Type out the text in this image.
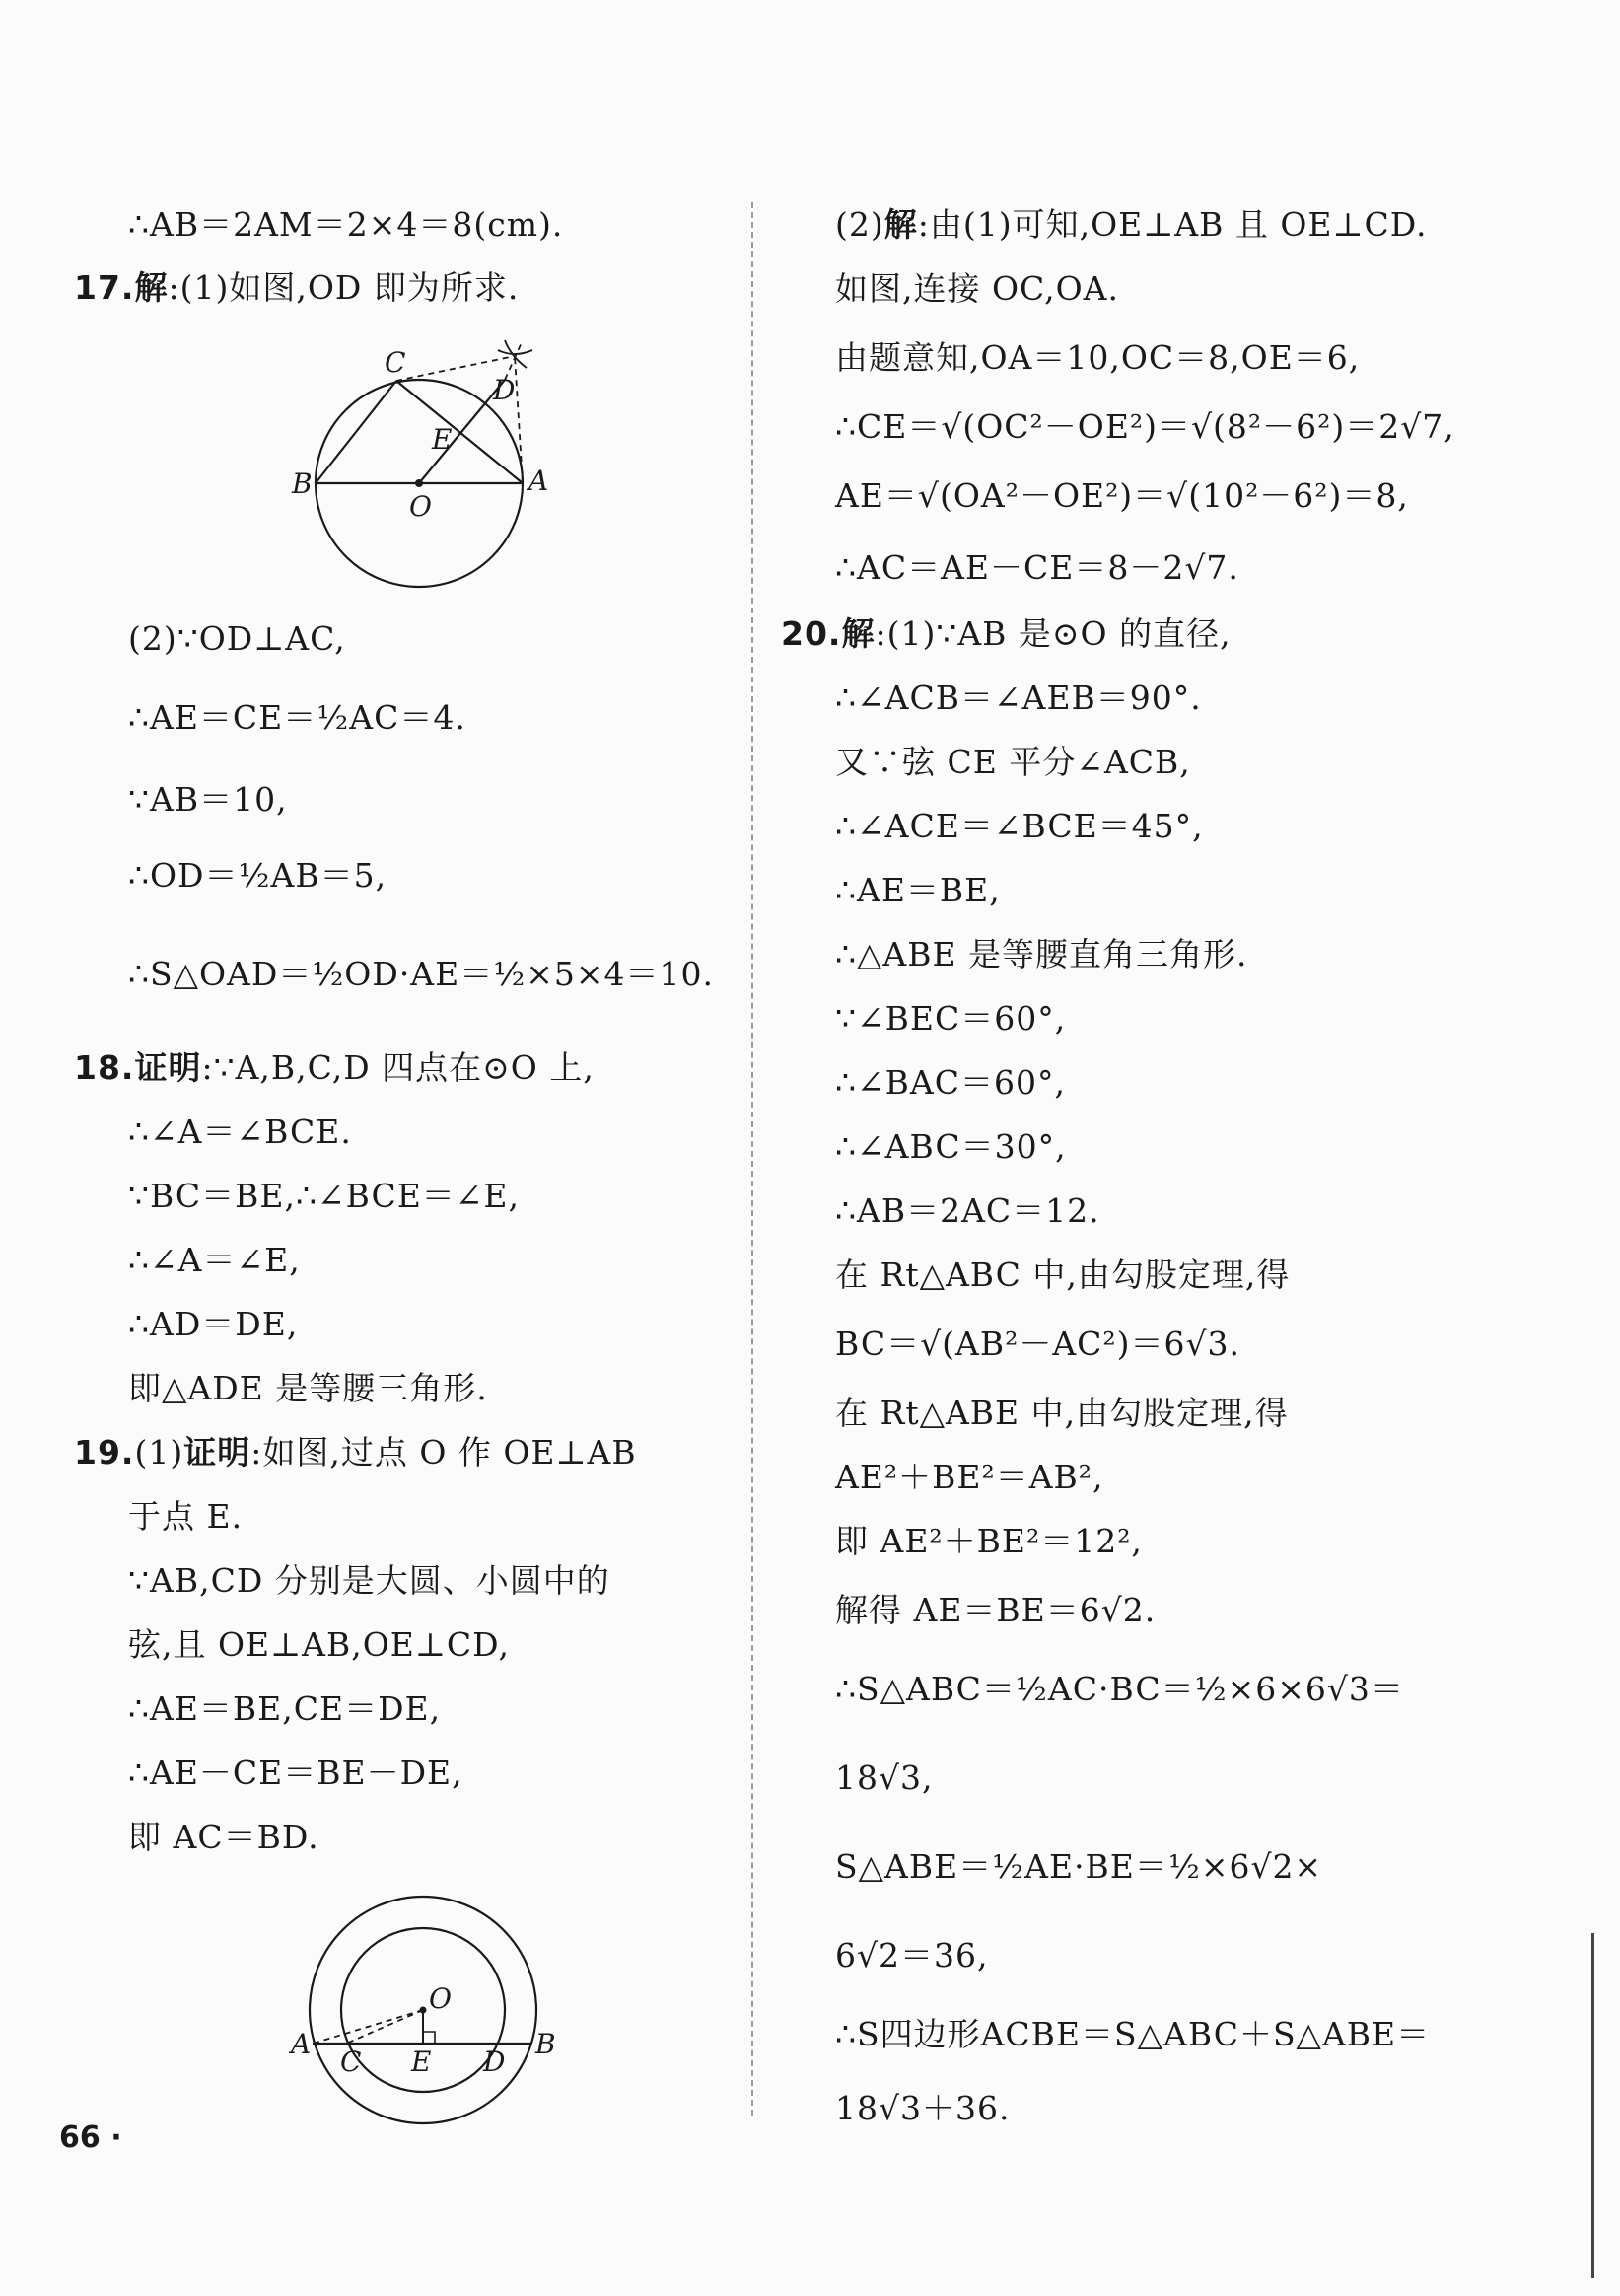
∴AB＝2AM＝2×4＝8(cm).
17.解:(1)如图,OD 即为所求.
C
D
E
B
O
A
(2)∵OD⊥AC,
∴AE＝CE＝½AC＝4.
∵AB＝10,
∴OD＝½AB＝5,
∴S△OAD＝½OD·AE＝½×5×4＝10.
18.证明:∵A,B,C,D 四点在⊙O 上,
∴∠A＝∠BCE.
∵BC＝BE,∴∠BCE＝∠E,
∴∠A＝∠E,
∴AD＝DE,
即△ADE 是等腰三角形.
19.(1)证明:如图,过点 O 作 OE⊥AB
于点 E.
∵AB,CD 分别是大圆、小圆中的
弦,且 OE⊥AB,OE⊥CD,
∴AE＝BE,CE＝DE,
∴AE－CE＝BE－DE,
即 AC＝BD.
O
A
C E D
B
(2)解:由(1)可知,OE⊥AB 且 OE⊥CD.
如图,连接 OC,OA.
由题意知,OA＝10,OC＝8,OE＝6,
∴CE＝√(OC²－OE²)＝√(8²－6²)＝2√7,
AE＝√(OA²－OE²)＝√(10²－6²)＝8,
∴AC＝AE－CE＝8－2√7.
20.解:(1)∵AB 是⊙O 的直径,
∴∠ACB＝∠AEB＝90°.
又∵弦 CE 平分∠ACB,
∴∠ACE＝∠BCE＝45°,
∴AE＝BE,
∴△ABE 是等腰直角三角形.
∵∠BEC＝60°,
∴∠BAC＝60°,
∴∠ABC＝30°,
∴AB＝2AC＝12.
在 Rt△ABC 中,由勾股定理,得
BC＝√(AB²－AC²)＝6√3.
在 Rt△ABE 中,由勾股定理,得
AE²＋BE²＝AB²,
即 AE²＋BE²＝12²,
解得 AE＝BE＝6√2.
∴S△ABC＝½AC·BC＝½×6×6√3＝
18√3,
S△ABE＝½AE·BE＝½×6√2×
6√2＝36,
∴S四边形ACBE＝S△ABC＋S△ABE＝
18√3＋36.
66 ·
